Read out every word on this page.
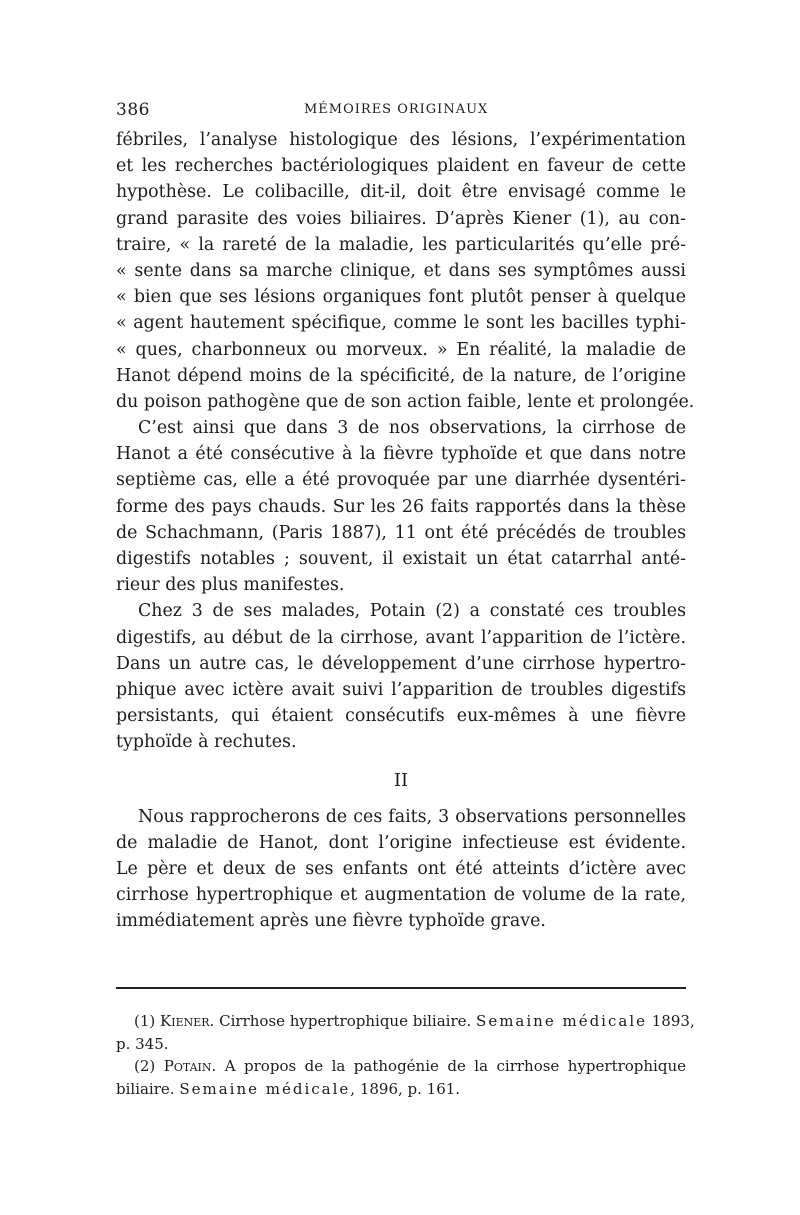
386	MÉMOIRES ORIGINAUX
fébriles, l’analyse histologique des lésions, l’expérimentation
et les recherches bactériologiques plaident en faveur de cette
hypothèse. Le colibacille, dit-il, doit être envisagé comme le
grand parasite des voies biliaires. D’après Kiener (1), au con-
traire, « la rareté de la maladie, les particularités qu’elle pré-
« sente dans sa marche clinique, et dans ses symptômes aussi
« bien que ses lésions organiques font plutôt penser à quelque
« agent hautement spécifique, comme le sont les bacilles typhi-
« ques, charbonneux ou morveux. » En réalité, la maladie de
Hanot dépend moins de la spécificité, de la nature, de l’origine
du poison pathogène que de son action faible, lente et prolongée.
C’est ainsi que dans 3 de nos observations, la cirrhose de
Hanot a été consécutive à la fièvre typhoïde et que dans notre
septième cas, elle a été provoquée par une diarrhée dysentéri-
forme des pays chauds. Sur les 26 faits rapportés dans la thèse
de Schachmann, (Paris 1887), 11 ont été précédés de troubles
digestifs notables ; souvent, il existait un état catarrhal anté-
rieur des plus manifestes.
Chez 3 de ses malades, Potain (2) a constaté ces troubles
digestifs, au début de la cirrhose, avant l’apparition de l’ictère.
Dans un autre cas, le développement d’une cirrhose hypertro-
phique avec ictère avait suivi l’apparition de troubles digestifs
persistants, qui étaient consécutifs eux-mêmes à une fièvre
typhoïde à rechutes.
II
Nous rapprocherons de ces faits, 3 observations personnelles
de maladie de Hanot, dont l’origine infectieuse est évidente.
Le père et deux de ses enfants ont été atteints d’ictère avec
cirrhose hypertrophique et augmentation de volume de la rate,
immédiatement après une fièvre typhoïde grave.
(1) Kiener. Cirrhose hypertrophique biliaire. Semaine médicale 1893,
p. 345.
(2) Potain. A propos de la pathogénie de la cirrhose hypertrophique
biliaire. Semaine médicale, 1896, p. 161.
